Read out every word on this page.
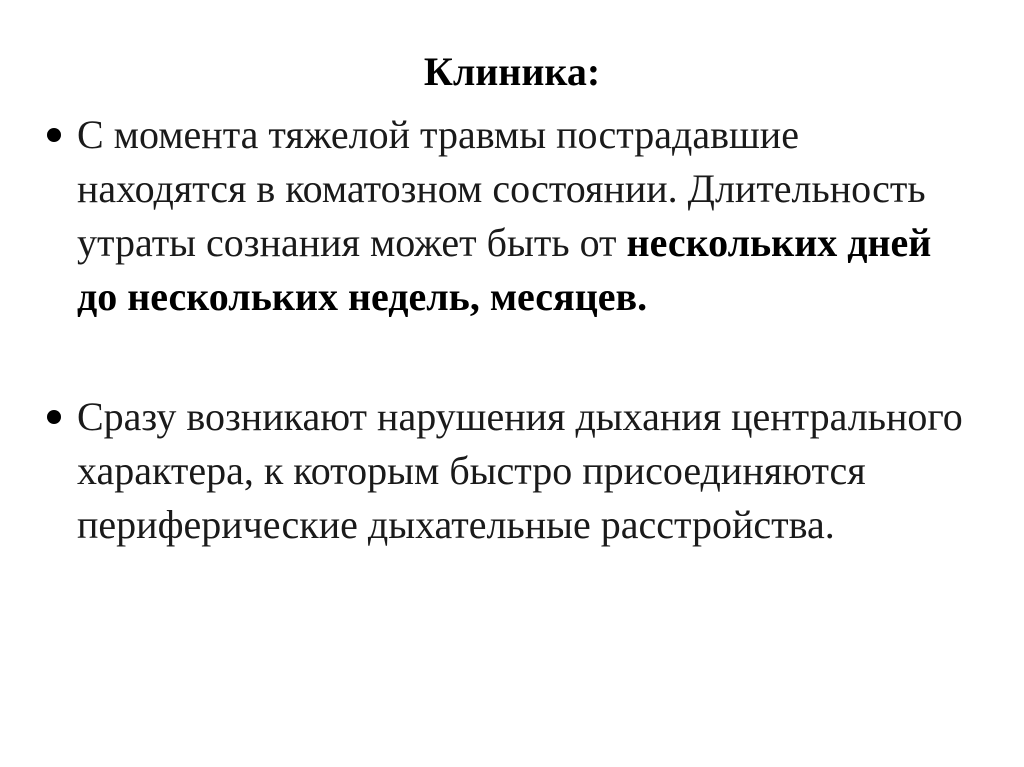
Клиника:
С момента тяжелой травмы пострадавшие находятся в коматозном состоянии. Длительность утраты сознания может быть от нескольких дней до нескольких недель, месяцев.
Сразу возникают нарушения дыхания центрального характера, к которым быстро присоединяются периферические дыхательные расстройства.
